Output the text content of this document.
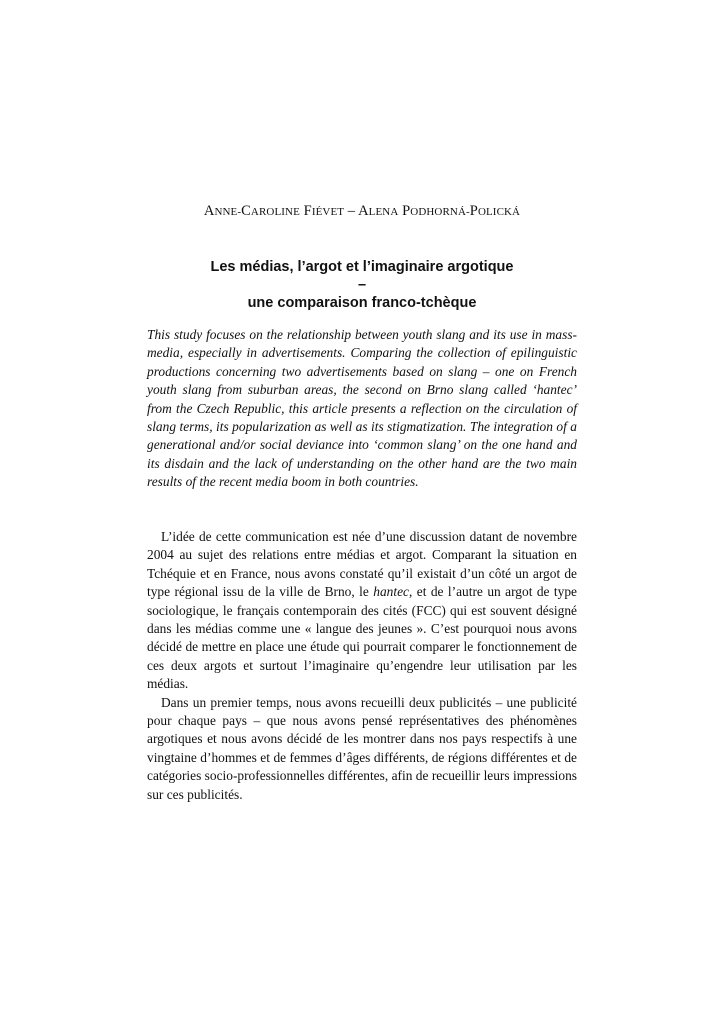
ANNE-CAROLINE FIÉVET – ALENA PODHORNÁ-POLICKÁ
Les médias, l’argot et l’imaginaire argotique
–
une comparaison franco-tchèque

This study focuses on the relationship between youth slang and its use in mass-media, especially in advertisements. Comparing the collection of epilinguistic productions concerning two advertisements based on slang – one on French youth slang from suburban areas, the second on Brno slang called ‘hantec’ from the Czech Republic, this article presents a reflection on the circulation of slang terms, its popularization as well as its stigmatization. The integration of a generational and/or social deviance into ‘common slang’ on the one hand and its disdain and the lack of understanding on the other hand are the two main results of the recent media boom in both countries.

L’idée de cette communication est née d’une discussion datant de novembre 2004 au sujet des relations entre médias et argot. Comparant la situation en Tchéquie et en France, nous avons constaté qu’il existait d’un côté un argot de type régional issu de la ville de Brno, le hantec, et de l’autre un argot de type sociologique, le français contemporain des cités (FCC) qui est souvent désigné dans les médias comme une « langue des jeunes ». C’est pourquoi nous avons décidé de mettre en place une étude qui pourrait comparer le fonctionnement de ces deux argots et surtout l’imaginaire qu’engendre leur utilisation par les médias.

Dans un premier temps, nous avons recueilli deux publicités – une publicité pour chaque pays – que nous avons pensé représentatives des phénomènes argotiques et nous avons décidé de les montrer dans nos pays respectifs à une vingtaine d’hommes et de femmes d’âges différents, de régions différentes et de catégories socio-professionnelles différentes, afin de recueillir leurs impressions sur ces publicités.
